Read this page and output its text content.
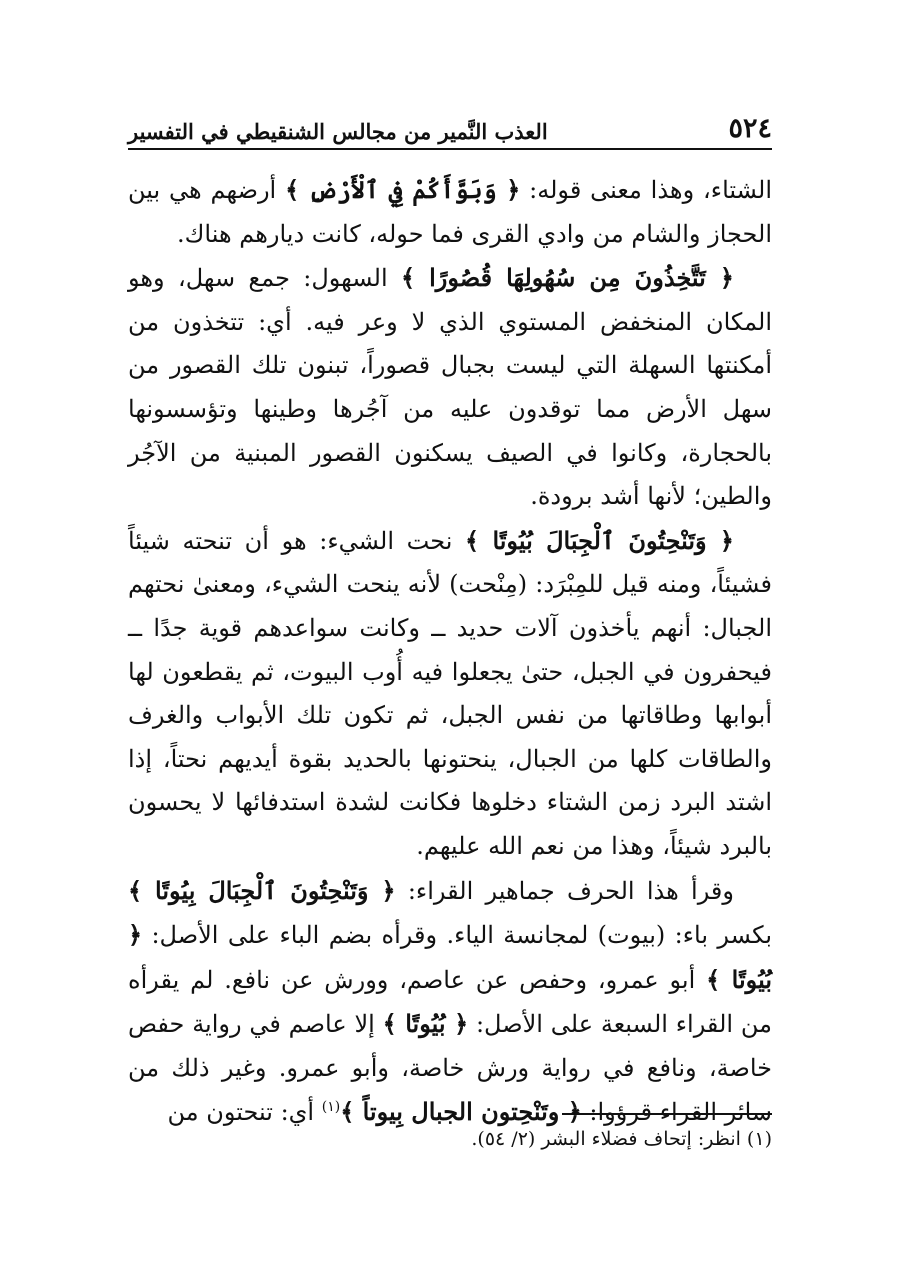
٥٢٤
العذب النَّمير من مجالس الشنقيطي في التفسير

الشتاء، وهذا معنى قوله: ﴿ وَبَوَّأَكُمْ فِي ٱلْأَرْضِ ﴾ أرضهم هي بين الحجاز والشام من وادي القرى فما حوله، كانت ديارهم هناك.

﴿ تَتَّخِذُونَ مِن سُهُولِهَا قُصُورًا ﴾ السهول: جمع سهل، وهو المكان المنخفض المستوي الذي لا وعر فيه. أي: تتخذون من أمكنتها السهلة التي ليست بجبال قصوراً، تبنون تلك القصور من سهل الأرض مما توقدون عليه من آجُرها وطينها وتؤسسونها بالحجارة، وكانوا في الصيف يسكنون القصور المبنية من الآجُر والطين؛ لأنها أشد برودة.

﴿ وَتَنْحِتُونَ ٱلْجِبَالَ بُيُوتًا ﴾ نحت الشيء: هو أن تنحته شيئاً فشيئاً، ومنه قيل للمِبْرَد: (مِنْحت) لأنه ينحت الشيء، ومعنىٰ نحتهم الجبال: أنهم يأخذون آلات حديد ــ وكانت سواعدهم قوية جدًا ــ فيحفرون في الجبل، حتىٰ يجعلوا فيه أُوب البيوت، ثم يقطعون لها أبوابها وطاقاتها من نفس الجبل، ثم تكون تلك الأبواب والغرف والطاقات كلها من الجبال، ينحتونها بالحديد بقوة أيديهم نحتاً، إذا اشتد البرد زمن الشتاء دخلوها فكانت لشدة استدفائها لا يحسون بالبرد شيئاً، وهذا من نعم الله عليهم.

وقرأ هذا الحرف جماهير القراء: ﴿ وَتَنْحِتُونَ ٱلْجِبَالَ بِيُوتًا ﴾ بكسر باء: (بيوت) لمجانسة الياء. وقرأه بضم الباء على الأصل: ﴿ بُيُوتًا ﴾ أبو عمرو، وحفص عن عاصم، وورش عن نافع. لم يقرأه من القراء السبعة على الأصل: ﴿ بُيُوتًا ﴾ إلا عاصم في رواية حفص خاصة، ونافع في رواية ورش خاصة، وأبو عمرو. وغير ذلك من سائر القراء قرؤوا: ﴿ وتَنْحِتون الجبال بِيوتاً ﴾$^{(١)}$ أي: تنحتون من

(١) انظر: إتحاف فضلاء البشر (٢/ ٥٤).
